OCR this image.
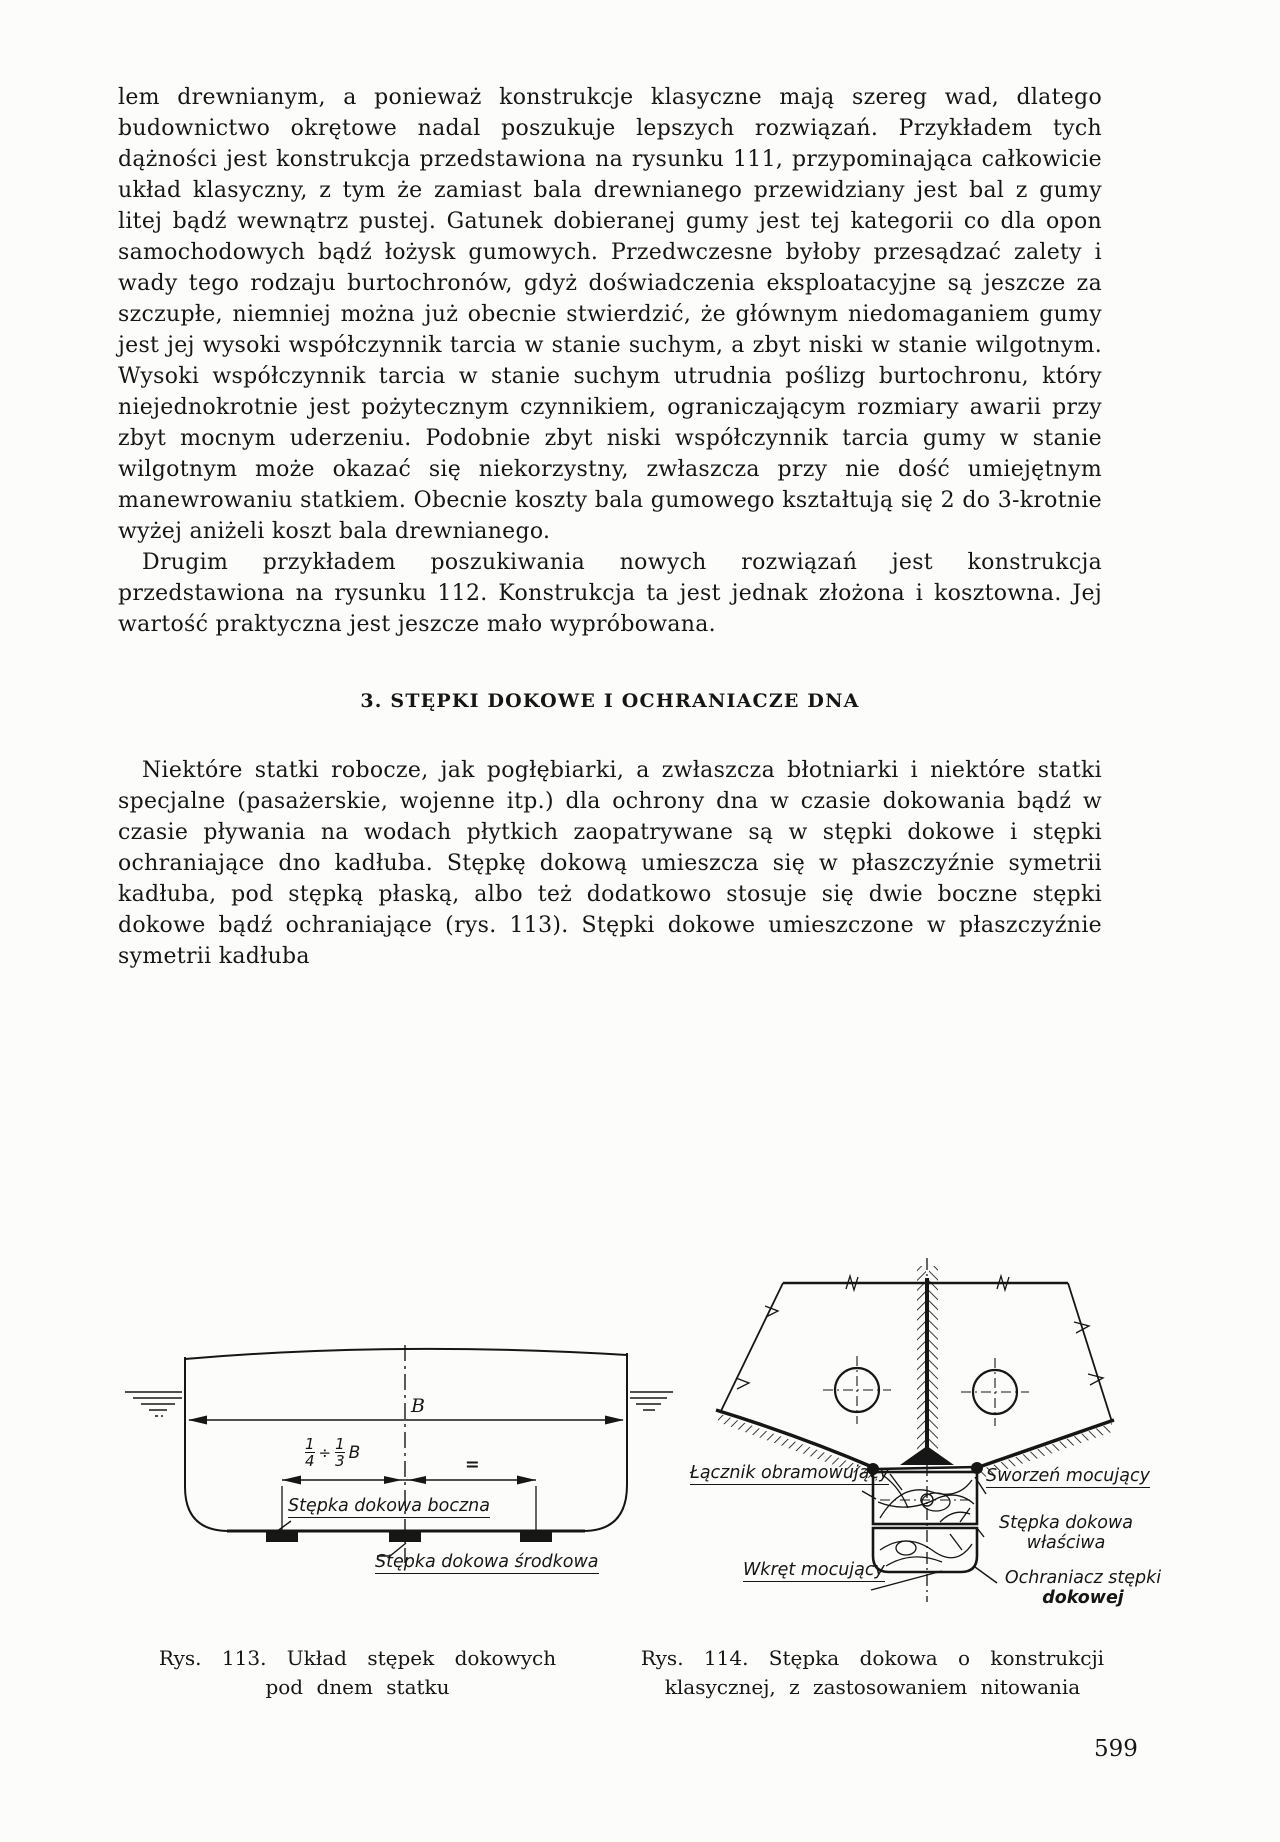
lem drewnianym, a ponieważ konstrukcje klasyczne mają szereg wad, dlatego budownictwo okrętowe nadal poszukuje lepszych rozwiązań. Przykładem tych dążności jest konstrukcja przedstawiona na rysunku 111, przypominająca całkowicie układ klasyczny, z tym że zamiast bala drewnianego przewidziany jest bal z gumy litej bądź wewnątrz pustej. Gatunek dobieranej gumy jest tej kategorii co dla opon samochodowych bądź łożysk gumowych. Przedwczesne byłoby przesądzać zalety i wady tego rodzaju burtochronów, gdyż doświadczenia eksploatacyjne są jeszcze za szczupłe, niemniej można już obecnie stwierdzić, że głównym niedomaganiem gumy jest jej wysoki współczynnik tarcia w stanie suchym, a zbyt niski w stanie wilgotnym. Wysoki współczynnik tarcia w stanie suchym utrudnia poślizg burtochronu, który niejednokrotnie jest pożytecznym czynnikiem, ograniczającym rozmiary awarii przy zbyt mocnym uderzeniu. Podobnie zbyt niski współczynnik tarcia gumy w stanie wilgotnym może okazać się niekorzystny, zwłaszcza przy nie dość umiejętnym manewrowaniu statkiem. Obecnie koszty bala gumowego kształtują się 2 do 3-krotnie wyżej aniżeli koszt bala drewnianego.

Drugim przykładem poszukiwania nowych rozwiązań jest konstrukcja przedstawiona na rysunku 112. Konstrukcja ta jest jednak złożona i kosztowna. Jej wartość praktyczna jest jeszcze mało wypróbowana.

3. STĘPKI DOKOWE I OCHRANIACZE DNA

Niektóre statki robocze, jak pogłębiarki, a zwłaszcza błotniarki i niektóre statki specjalne (pasażerskie, wojenne itp.) dla ochrony dna w czasie dokowania bądź w czasie pływania na wodach płytkich zaopatrywane są w stępki dokowe i stępki ochraniające dno kadłuba. Stępkę dokową umieszcza się w płaszczyźnie symetrii kadłuba, pod stępką płaską, albo też dodatkowo stosuje się dwie boczne stępki dokowe bądź ochraniające (rys. 113). Stępki dokowe umieszczone w płaszczyźnie symetrii kadłuba

B
$\frac{1}{4} \div \frac{1}{3}$ B
=
Stępka dokowa boczna
Stępka dokowa środkowa
Rys. 113. Układ stępek dokowych
pod dnem statku
Łącznik obramowujący	Sworzeń mocujący
Stępka dokowa
właściwa
Wkręt mocujący	Ochraniacz stępki
dokowej
Rys. 114. Stępka dokowa o konstrukcji
klasycznej, z zastosowaniem nitowania
599
